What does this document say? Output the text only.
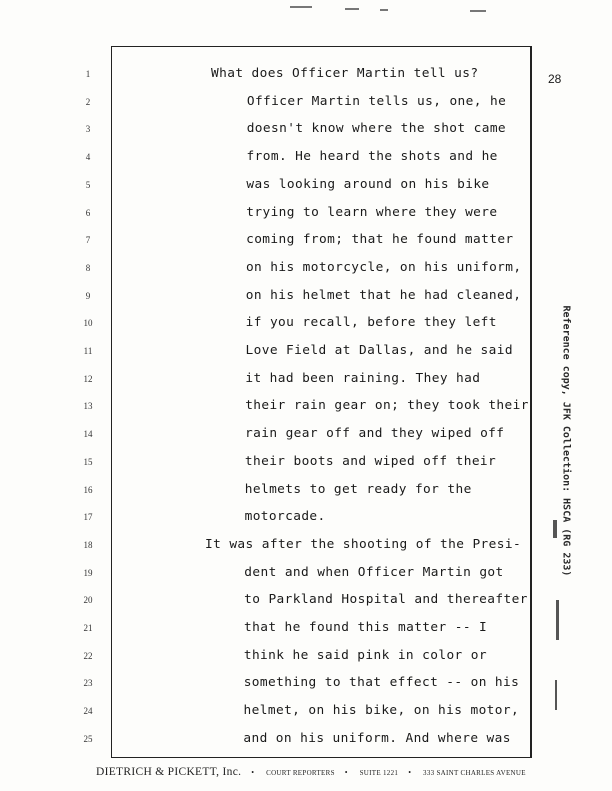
28
1
2
3
4
5
6
7
8
9
10
11
12
13
14
15
16
17
18
19
20
21
22
23
24
25
What does Officer Martin tell us?
Officer Martin tells us, one, he
doesn't know where the shot came
from. He heard the shots and he
was looking around on his bike
trying to learn where they were
coming from; that he found matter
on his motorcycle, on his uniform,
on his helmet that he had cleaned,
if you recall, before they left
Love Field at Dallas, and he said
it had been raining. They had
their rain gear on; they took their
rain gear off and they wiped off
their boots and wiped off their
helmets to get ready for the
motorcade.
It was after the shooting of the Presi-
dent and when Officer Martin got
to Parkland Hospital and thereafter
that he found this matter -- I
think he said pink in color or
something to that effect -- on his
helmet, on his bike, on his motor,
and on his uniform. And where was
Reference copy, JFK Collection: HSCA (RG 233)
DIETRICH & PICKETT, Inc. • COURT REPORTERS • SUITE 1221 • 333 SAINT CHARLES AVENUE
